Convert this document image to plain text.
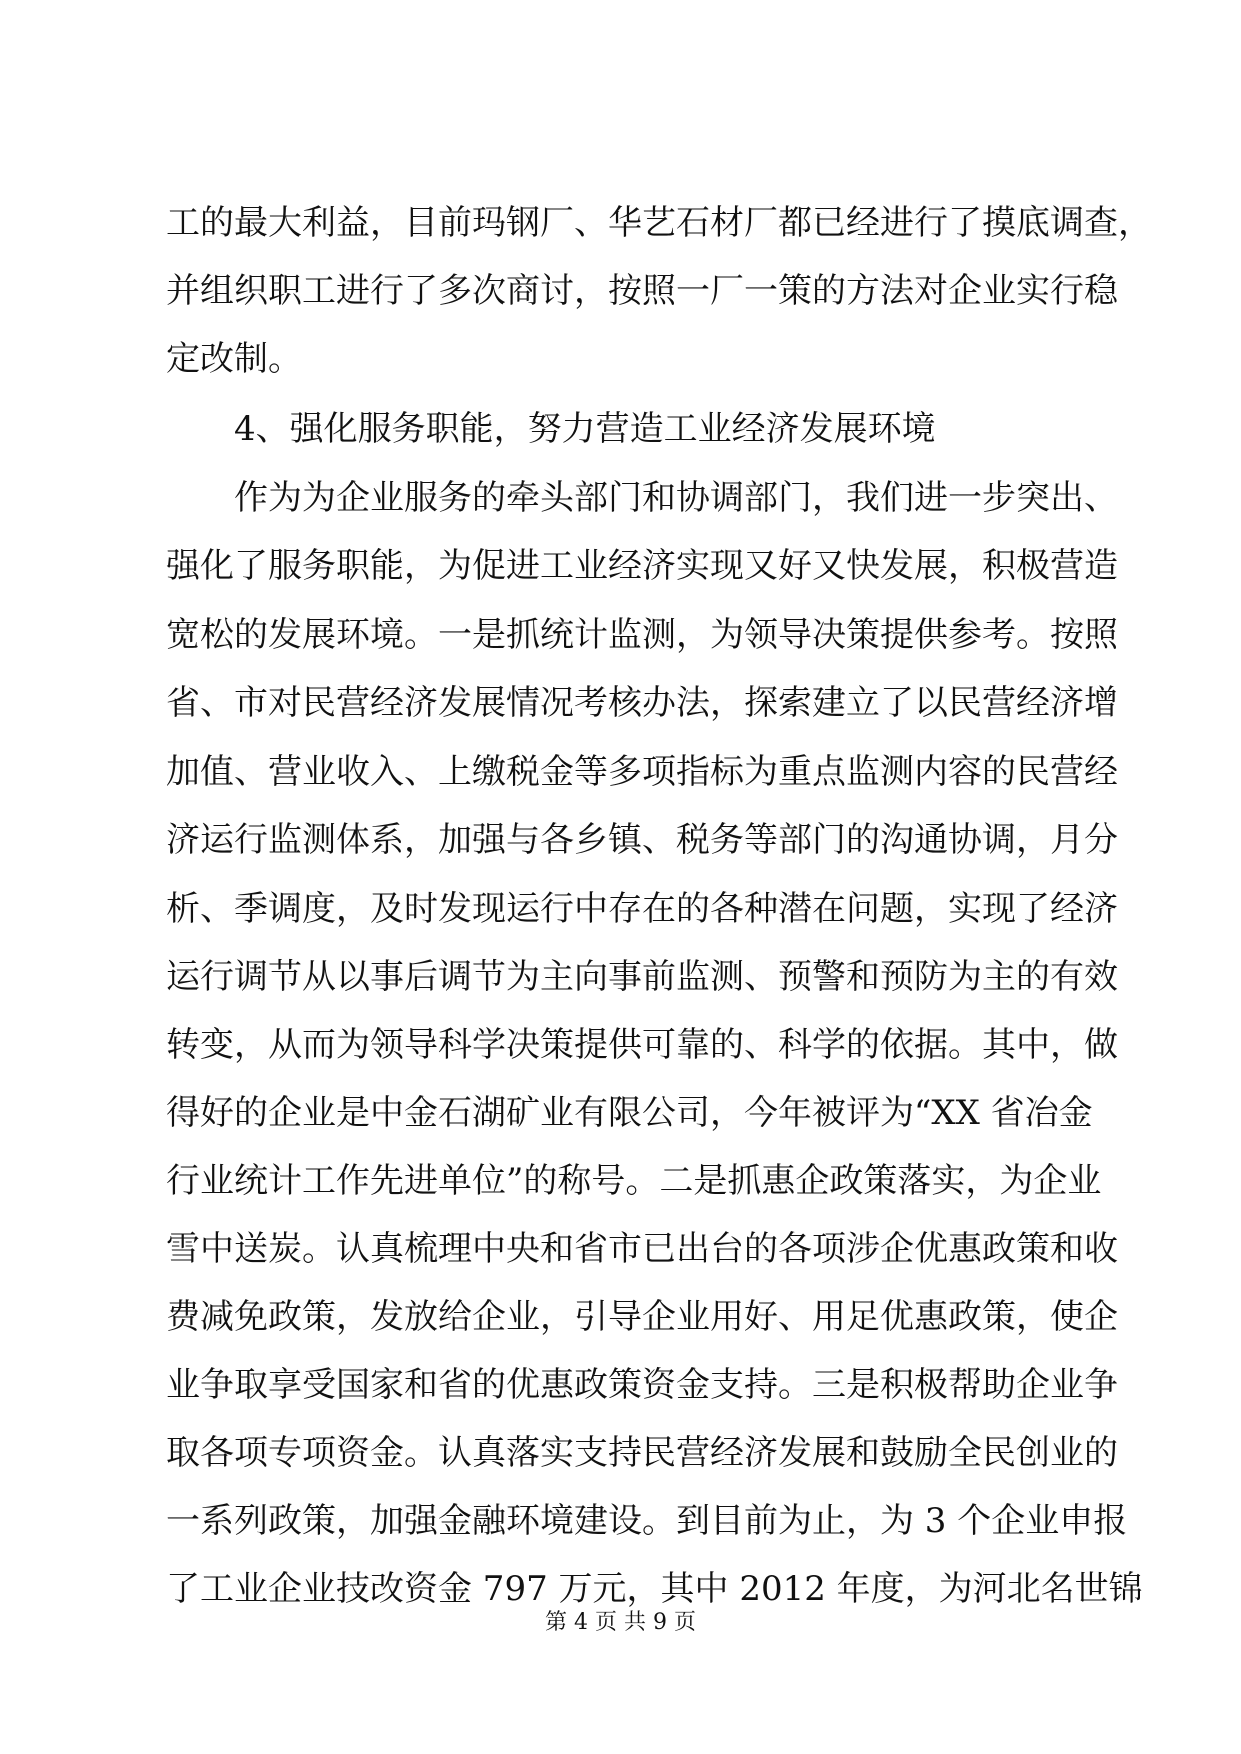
工的最大利益，目前玛钢厂、华艺石材厂都已经进行了摸底调查，
并组织职工进行了多次商讨，按照一厂一策的方法对企业实行稳
定改制。
4、强化服务职能，努力营造工业经济发展环境
作为为企业服务的牵头部门和协调部门，我们进一步突出、
强化了服务职能，为促进工业经济实现又好又快发展，积极营造
宽松的发展环境。一是抓统计监测，为领导决策提供参考。按照
省、市对民营经济发展情况考核办法，探索建立了以民营经济增
加值、营业收入、上缴税金等多项指标为重点监测内容的民营经
济运行监测体系，加强与各乡镇、税务等部门的沟通协调，月分
析、季调度，及时发现运行中存在的各种潜在问题，实现了经济
运行调节从以事后调节为主向事前监测、预警和预防为主的有效
转变，从而为领导科学决策提供可靠的、科学的依据。其中，做
得好的企业是中金石湖矿业有限公司，今年被评为“XX 省冶金
行业统计工作先进单位”的称号。二是抓惠企政策落实，为企业
雪中送炭。认真梳理中央和省市已出台的各项涉企优惠政策和收
费减免政策，发放给企业，引导企业用好、用足优惠政策，使企
业争取享受国家和省的优惠政策资金支持。三是积极帮助企业争
取各项专项资金。认真落实支持民营经济发展和鼓励全民创业的
一系列政策，加强金融环境建设。到目前为止，为 3 个企业申报
了工业企业技改资金 797 万元，其中 2012 年度，为河北名世锦
第 4 页 共 9 页
